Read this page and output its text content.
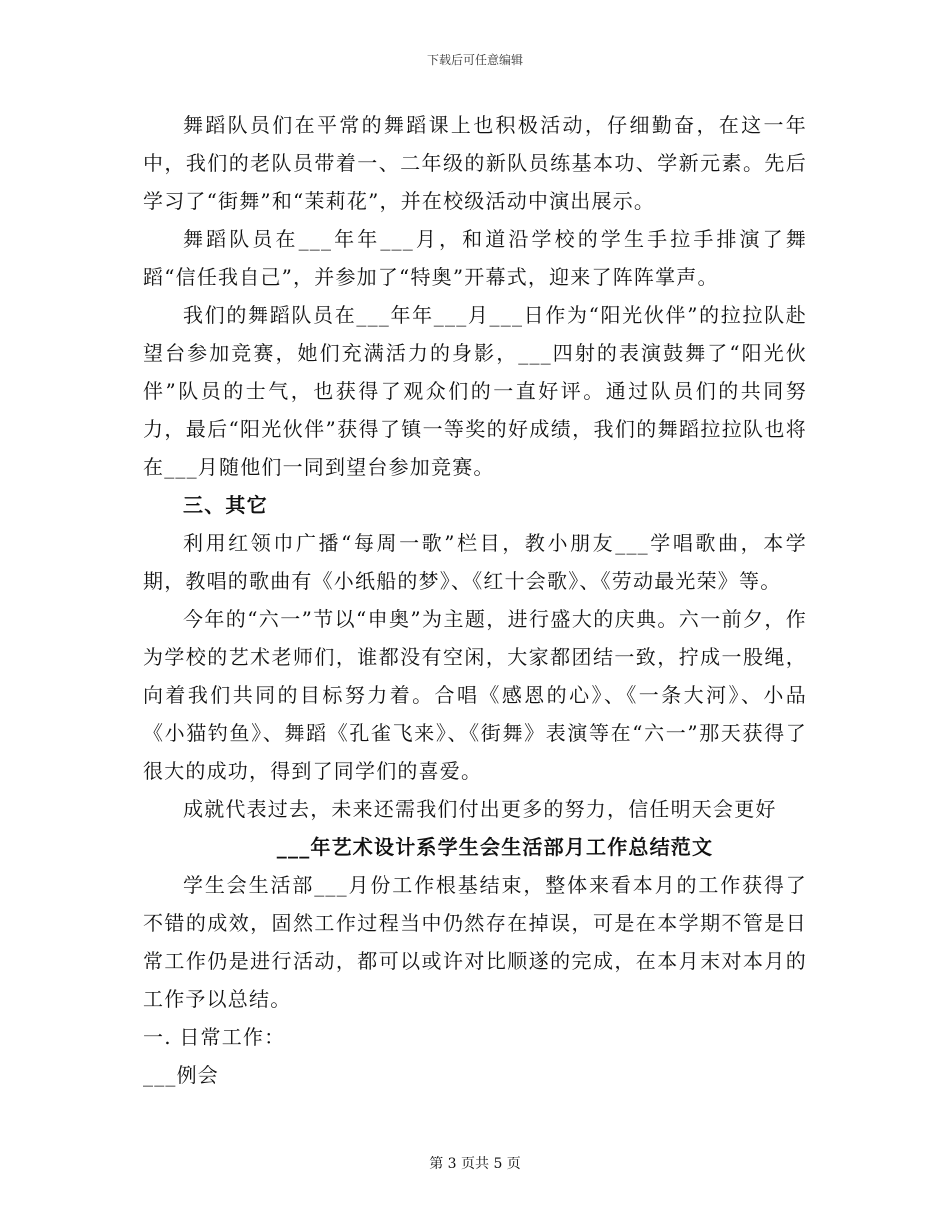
下载后可任意编辑

舞蹈队员们在平常的舞蹈课上也积极活动，仔细勤奋，在这一年中，我们的老队员带着一、二年级的新队员练基本功、学新元素。先后学习了“街舞”和“茉莉花”，并在校级活动中演出展示。

舞蹈队员在___年年___月，和道沿学校的学生手拉手排演了舞蹈“信任我自己”，并参加了“特奥”开幕式，迎来了阵阵掌声。

我们的舞蹈队员在___年年___月___日作为“阳光伙伴”的拉拉队赴望台参加竞赛，她们充满活力的身影，___四射的表演鼓舞了“阳光伙伴”队员的士气，也获得了观众们的一直好评。通过队员们的共同努力，最后“阳光伙伴”获得了镇一等奖的好成绩，我们的舞蹈拉拉队也将在___月随他们一同到望台参加竞赛。

三、其它

利用红领巾广播“每周一歌”栏目，教小朋友___学唱歌曲，本学期，教唱的歌曲有《小纸船的梦》、《红十会歌》、《劳动最光荣》等。

今年的“六一”节以“申奥”为主题，进行盛大的庆典。六一前夕，作为学校的艺术老师们，谁都没有空闲，大家都团结一致，拧成一股绳，向着我们共同的目标努力着。合唱《感恩的心》、《一条大河》、小品《小猫钓鱼》、舞蹈《孔雀飞来》、《街舞》表演等在“六一”那天获得了很大的成功，得到了同学们的喜爱。

成就代表过去，未来还需我们付出更多的努力，信任明天会更好

___年艺术设计系学生会生活部月工作总结范文

学生会生活部___月份工作根基结束，整体来看本月的工作获得了不错的成效，固然工作过程当中仍然存在掉误，可是在本学期不管是日常工作仍是进行活动，都可以或许对比顺遂的完成，在本月末对本月的工作予以总结。

一. 日常工作：

___例会

第 3 页共 5 页
